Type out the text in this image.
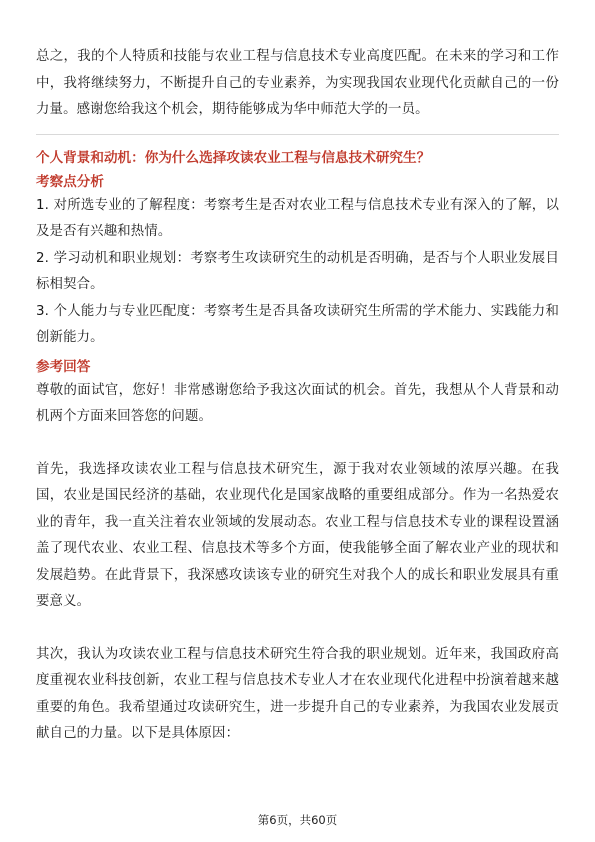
总之，我的个人特质和技能与农业工程与信息技术专业高度匹配。在未来的学习和工作中，我将继续努力，不断提升自己的专业素养，为实现我国农业现代化贡献自己的一份力量。感谢您给我这个机会，期待能够成为华中师范大学的一员。

个人背景和动机：你为什么选择攻读农业工程与信息技术研究生？

考察点分析

1. 对所选专业的了解程度：考察考生是否对农业工程与信息技术专业有深入的了解，以及是否有兴趣和热情。

2. 学习动机和职业规划：考察考生攻读研究生的动机是否明确，是否与个人职业发展目标相契合。

3. 个人能力与专业匹配度：考察考生是否具备攻读研究生所需的学术能力、实践能力和创新能力。

参考回答

尊敬的面试官，您好！非常感谢您给予我这次面试的机会。首先，我想从个人背景和动机两个方面来回答您的问题。

首先，我选择攻读农业工程与信息技术研究生，源于我对农业领域的浓厚兴趣。在我国，农业是国民经济的基础，农业现代化是国家战略的重要组成部分。作为一名热爱农业的青年，我一直关注着农业领域的发展动态。农业工程与信息技术专业的课程设置涵盖了现代农业、农业工程、信息技术等多个方面，使我能够全面了解农业产业的现状和发展趋势。在此背景下，我深感攻读该专业的研究生对我个人的成长和职业发展具有重要意义。

其次，我认为攻读农业工程与信息技术研究生符合我的职业规划。近年来，我国政府高度重视农业科技创新，农业工程与信息技术专业人才在农业现代化进程中扮演着越来越重要的角色。我希望通过攻读研究生，进一步提升自己的专业素养，为我国农业发展贡献自己的力量。以下是具体原因：

第6页，共60页
